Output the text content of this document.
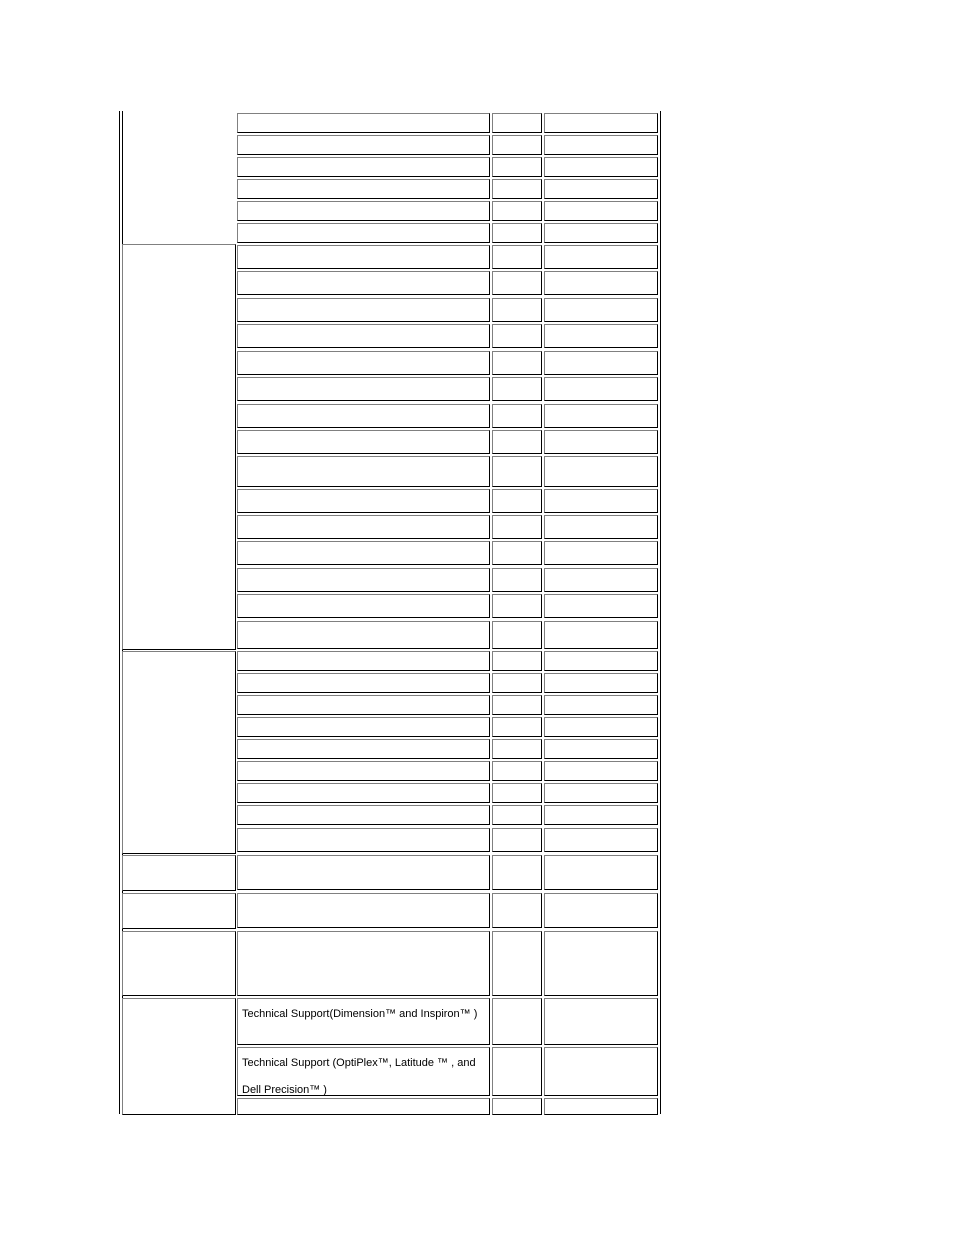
Technical Support(Dimension™ and Inspiron™ )
Technical Support (OptiPlex™, Latitude ™ , and Dell Precision™ )
